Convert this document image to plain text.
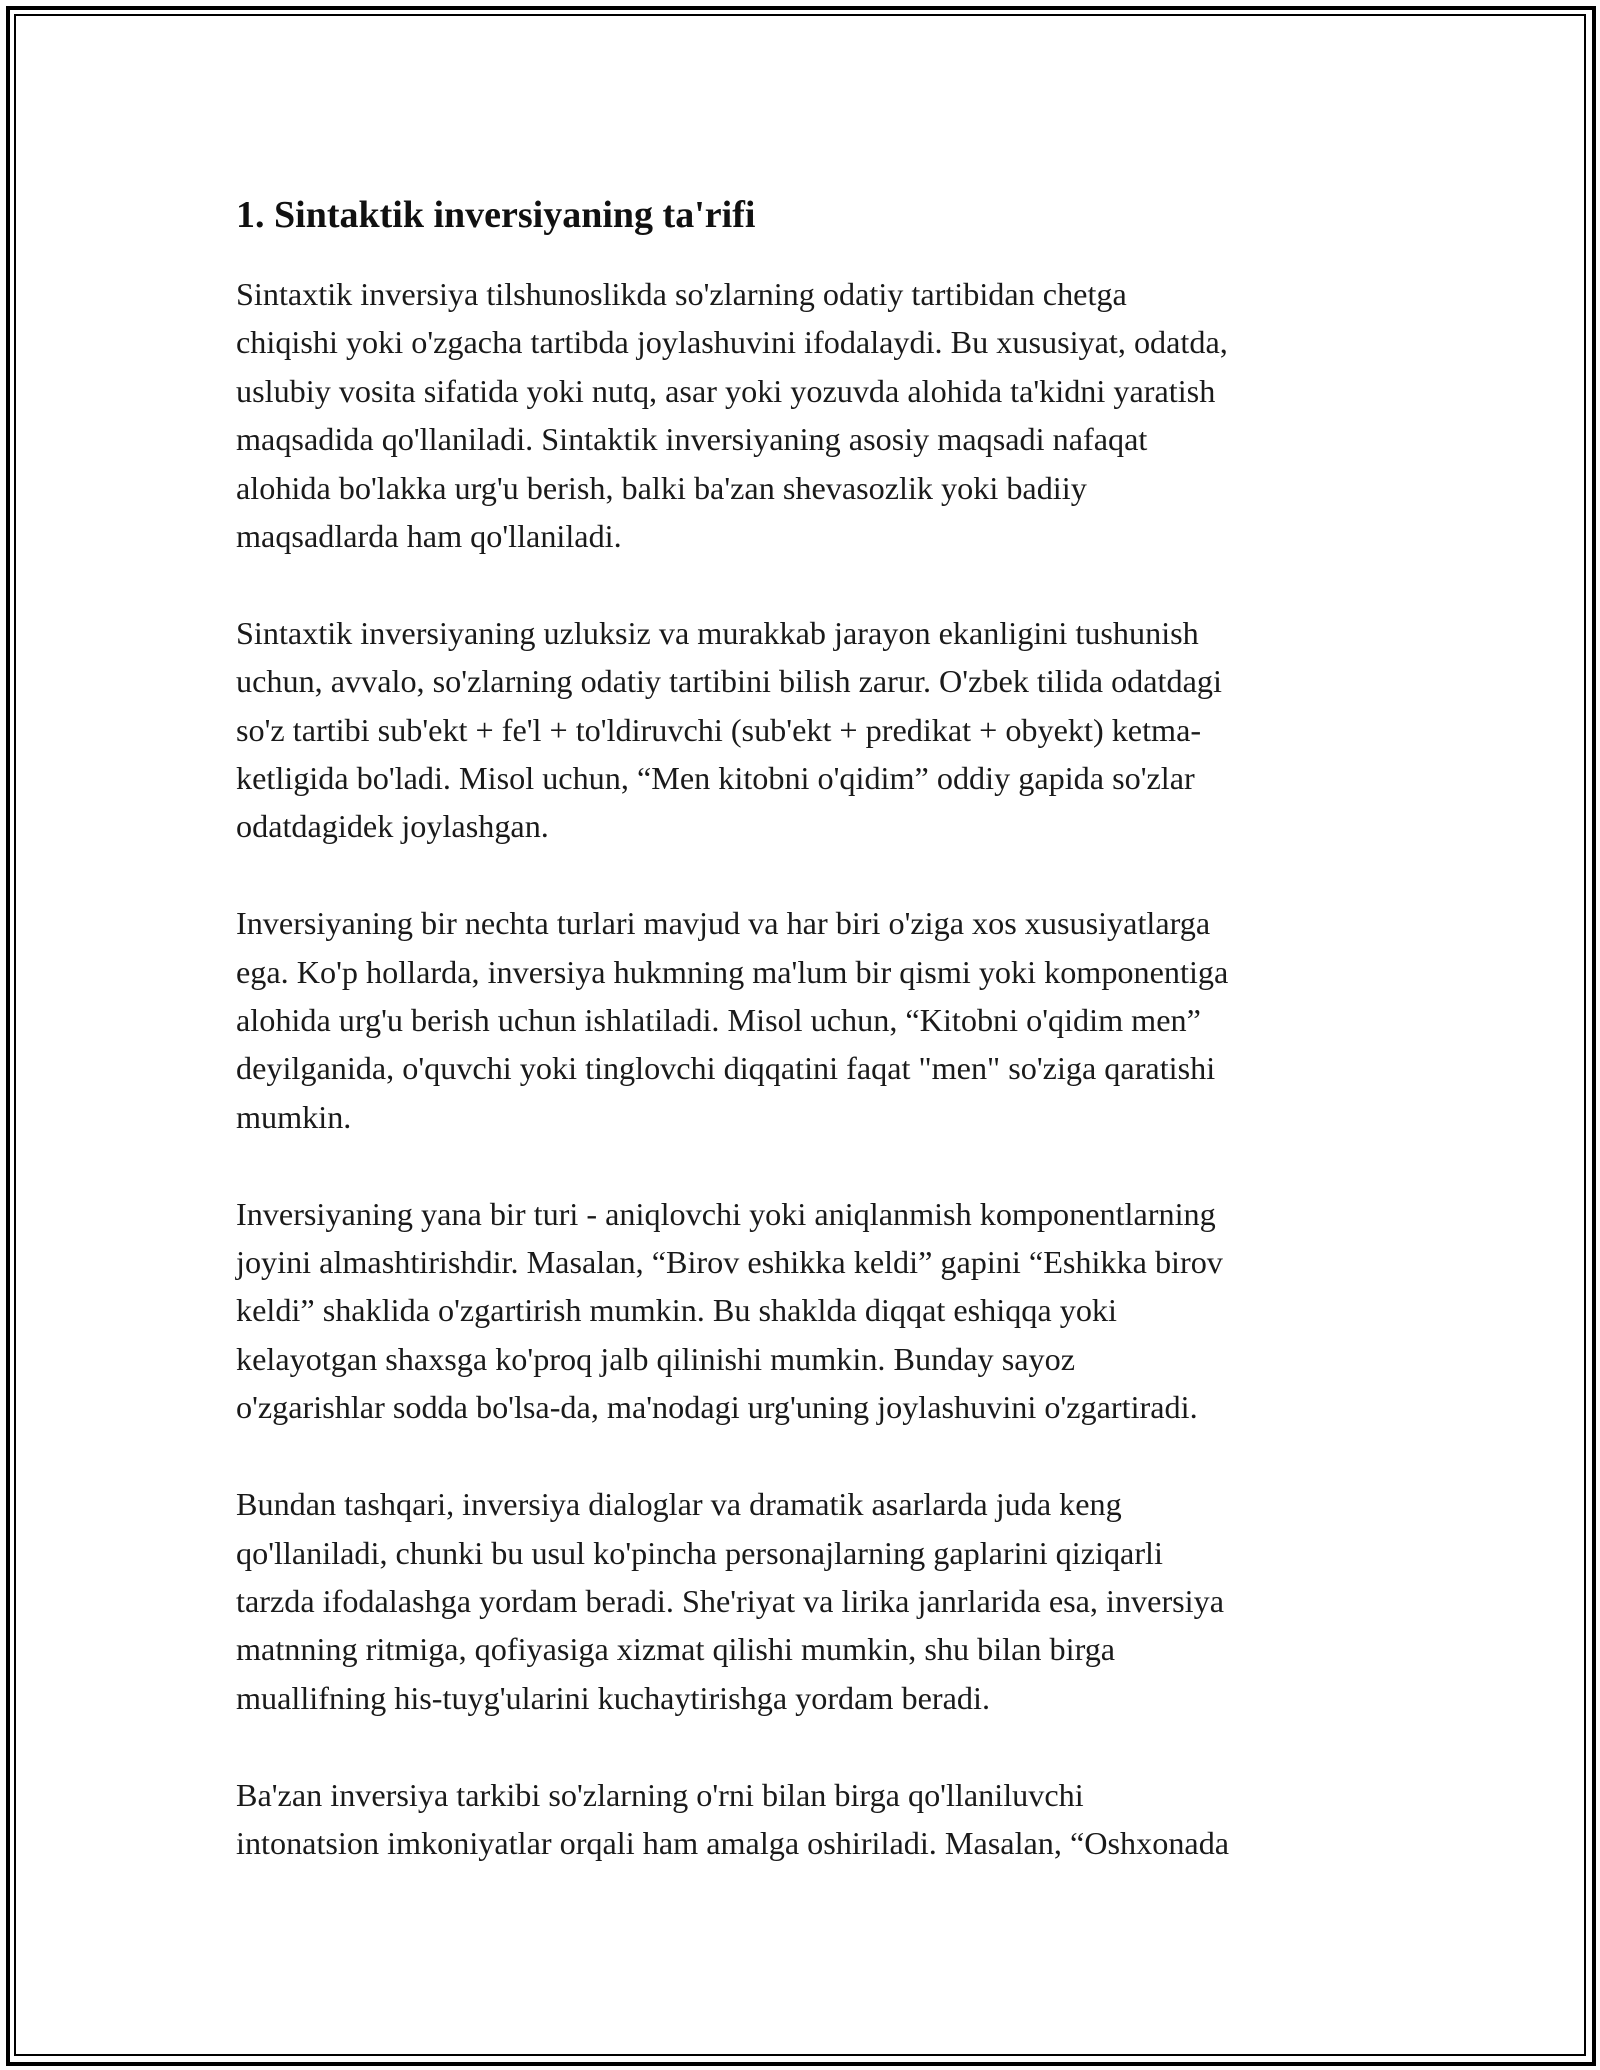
1. Sintaktik inversiyaning ta'rifi

Sintaxtik inversiya tilshunoslikda so'zlarning odatiy tartibidan chetga
chiqishi yoki o'zgacha tartibda joylashuvini ifodalaydi. Bu xususiyat, odatda,
uslubiy vosita sifatida yoki nutq, asar yoki yozuvda alohida ta'kidni yaratish
maqsadida qo'llaniladi. Sintaktik inversiyaning asosiy maqsadi nafaqat
alohida bo'lakka urg'u berish, balki ba'zan shevasozlik yoki badiiy
maqsadlarda ham qo'llaniladi.

Sintaxtik inversiyaning uzluksiz va murakkab jarayon ekanligini tushunish
uchun, avvalo, so'zlarning odatiy tartibini bilish zarur. O'zbek tilida odatdagi
so'z tartibi sub'ekt + fe'l + to'ldiruvchi (sub'ekt + predikat + obyekt) ketma-
ketligida bo'ladi. Misol uchun, “Men kitobni o'qidim” oddiy gapida so'zlar
odatdagidek joylashgan.

Inversiyaning bir nechta turlari mavjud va har biri o'ziga xos xususiyatlarga
ega. Ko'p hollarda, inversiya hukmning ma'lum bir qismi yoki komponentiga
alohida urg'u berish uchun ishlatiladi. Misol uchun, “Kitobni o'qidim men”
deyilganida, o'quvchi yoki tinglovchi diqqatini faqat "men" so'ziga qaratishi
mumkin.

Inversiyaning yana bir turi - aniqlovchi yoki aniqlanmish komponentlarning
joyini almashtirishdir. Masalan, “Birov eshikka keldi” gapini “Eshikka birov
keldi” shaklida o'zgartirish mumkin. Bu shaklda diqqat eshiqqa yoki
kelayotgan shaxsga ko'proq jalb qilinishi mumkin. Bunday sayoz
o'zgarishlar sodda bo'lsa-da, ma'nodagi urg'uning joylashuvini o'zgartiradi.

Bundan tashqari, inversiya dialoglar va dramatik asarlarda juda keng
qo'llaniladi, chunki bu usul ko'pincha personajlarning gaplarini qiziqarli
tarzda ifodalashga yordam beradi. She'riyat va lirika janrlarida esa, inversiya
matnning ritmiga, qofiyasiga xizmat qilishi mumkin, shu bilan birga
muallifning his-tuyg'ularini kuchaytirishga yordam beradi.

Ba'zan inversiya tarkibi so'zlarning o'rni bilan birga qo'llaniluvchi
intonatsion imkoniyatlar orqali ham amalga oshiriladi. Masalan, “Oshxonada
